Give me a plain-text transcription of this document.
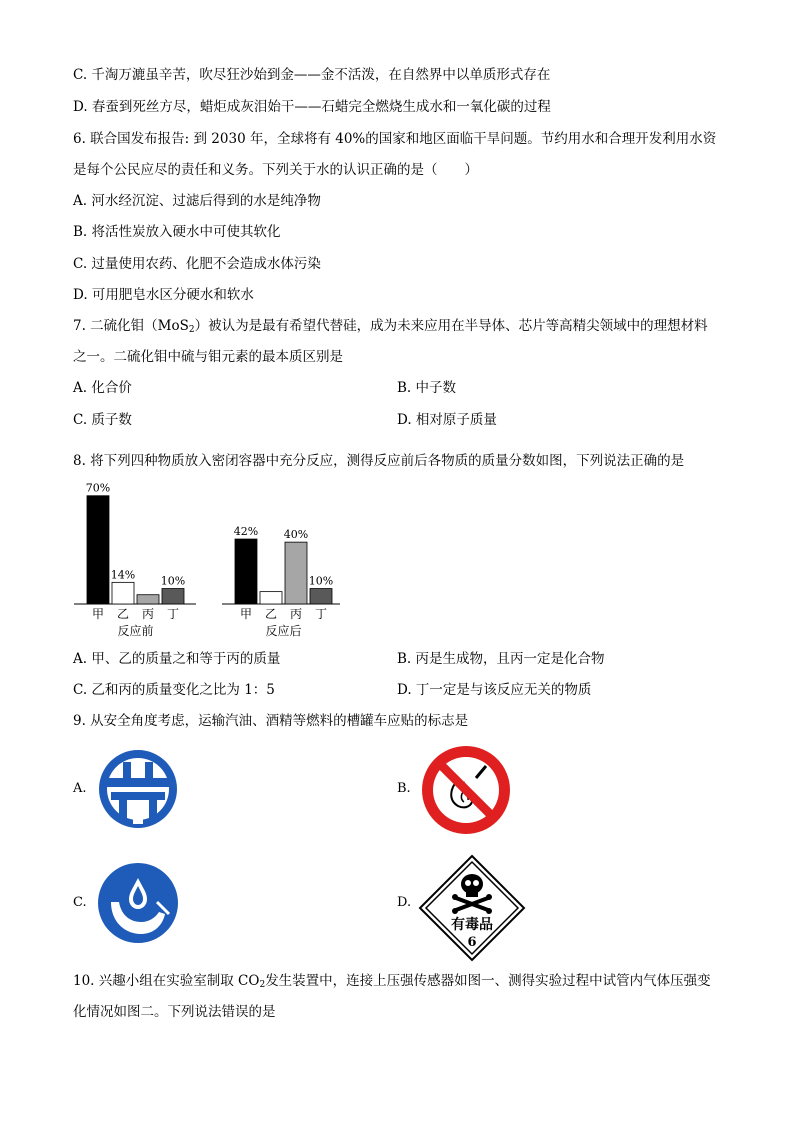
C. 千淘万漉虽辛苦，吹尽狂沙始到金——金不活泼，在自然界中以单质形式存在
D. 春蚕到死丝方尽，蜡炬成灰泪始干——石蜡完全燃烧生成水和一氧化碳的过程
6. 联合国发布报告: 到 2030 年，全球将有 40%的国家和地区面临干旱问题。节约用水和合理开发利用水资
是每个公民应尽的责任和义务。下列关于水的认识正确的是（　　）
A. 河水经沉淀、过滤后得到的水是纯净物
B. 将活性炭放入硬水中可使其软化
C. 过量使用农药、化肥不会造成水体污染
D. 可用肥皂水区分硬水和软水
7. 二硫化钼（MoS$_2$）被认为是最有希望代替硅，成为未来应用在半导体、芯片等高精尖领域中的理想材料
之一。二硫化钼中硫与钼元素的最本质区别是
A. 化合价	B. 中子数
C. 质子数	D. 相对原子质量
8. 将下列四种物质放入密闭容器中充分反应，测得反应前后各物质的质量分数如图，下列说法正确的是
70%
甲
14%
乙 丙
10%
丁
反应前
42%
甲 乙
40%
丙
10%
丁
反应后
A. 甲、乙的质量之和等于丙的质量	B. 丙是生成物，且丙一定是化合物
C. 乙和丙的质量变化之比为 1：5	D. 丁一定是与该反应无关的物质
9. 从安全角度考虑，运输汽油、酒精等燃料的槽罐车应贴的标志是
A.	B.
C.	D.
有毒品
6
10. 兴趣小组在实验室制取 $CO_2$发生装置中，连接上压强传感器如图一、测得实验过程中试管内气体压强变
化情况如图二。下列说法错误的是
